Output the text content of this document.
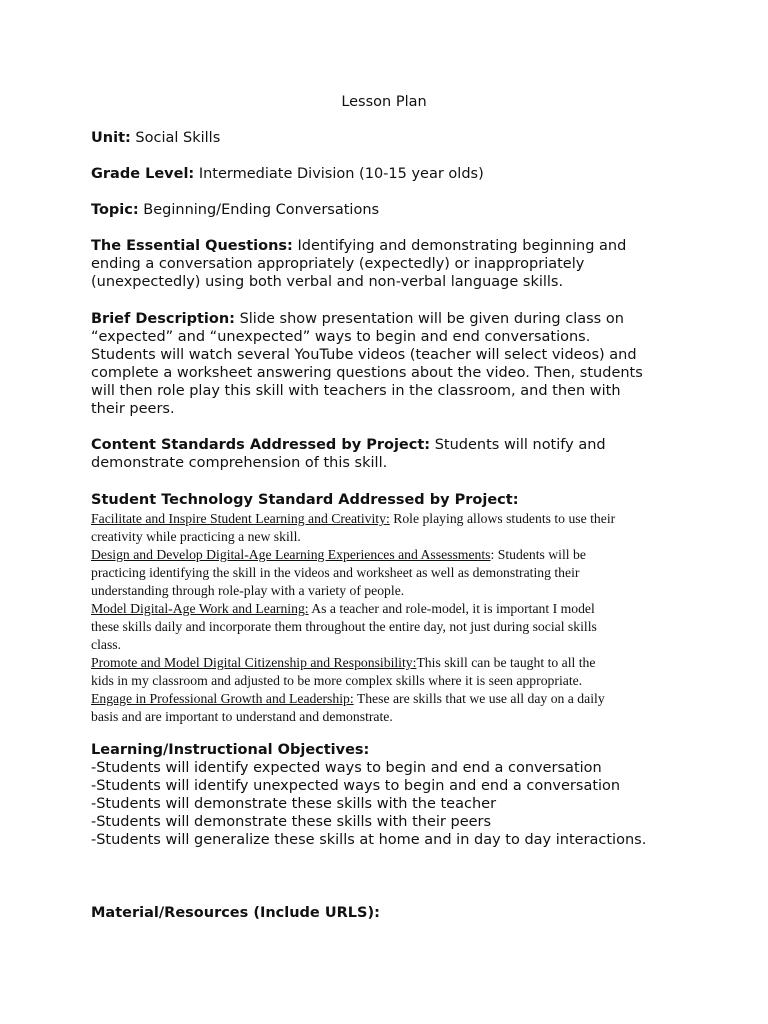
Lesson Plan

Unit: Social Skills

Grade Level: Intermediate Division (10-15 year olds)

Topic: Beginning/Ending Conversations

The Essential Questions: Identifying and demonstrating beginning and
ending a conversation appropriately (expectedly) or inappropriately
(unexpectedly) using both verbal and non-verbal language skills.
Brief Description: Slide show presentation will be given during class on
“expected” and “unexpected” ways to begin and end conversations.
Students will watch several YouTube videos (teacher will select videos) and
complete a worksheet answering questions about the video. Then, students
will then role play this skill with teachers in the classroom, and then with
their peers.
Content Standards Addressed by Project: Students will notify and
demonstrate comprehension of this skill.
Student Technology Standard Addressed by Project:
Facilitate and Inspire Student Learning and Creativity: Role playing allows students to use their
creativity while practicing a new skill.
Design and Develop Digital-Age Learning Experiences and Assessments: Students will be
practicing identifying the skill in the videos and worksheet as well as demonstrating their
understanding through role-play with a variety of people.
Model Digital-Age Work and Learning: As a teacher and role-model, it is important I model
these skills daily and incorporate them throughout the entire day, not just during social skills
class.
Promote and Model Digital Citizenship and Responsibility:This skill can be taught to all the
kids in my classroom and adjusted to be more complex skills where it is seen appropriate.
Engage in Professional Growth and Leadership: These are skills that we use all day on a daily
basis and are important to understand and demonstrate.
Learning/Instructional Objectives:
-Students will identify expected ways to begin and end a conversation
-Students will identify unexpected ways to begin and end a conversation
-Students will demonstrate these skills with the teacher
-Students will demonstrate these skills with their peers
-Students will generalize these skills at home and in day to day interactions.
Material/Resources (Include URLS):
